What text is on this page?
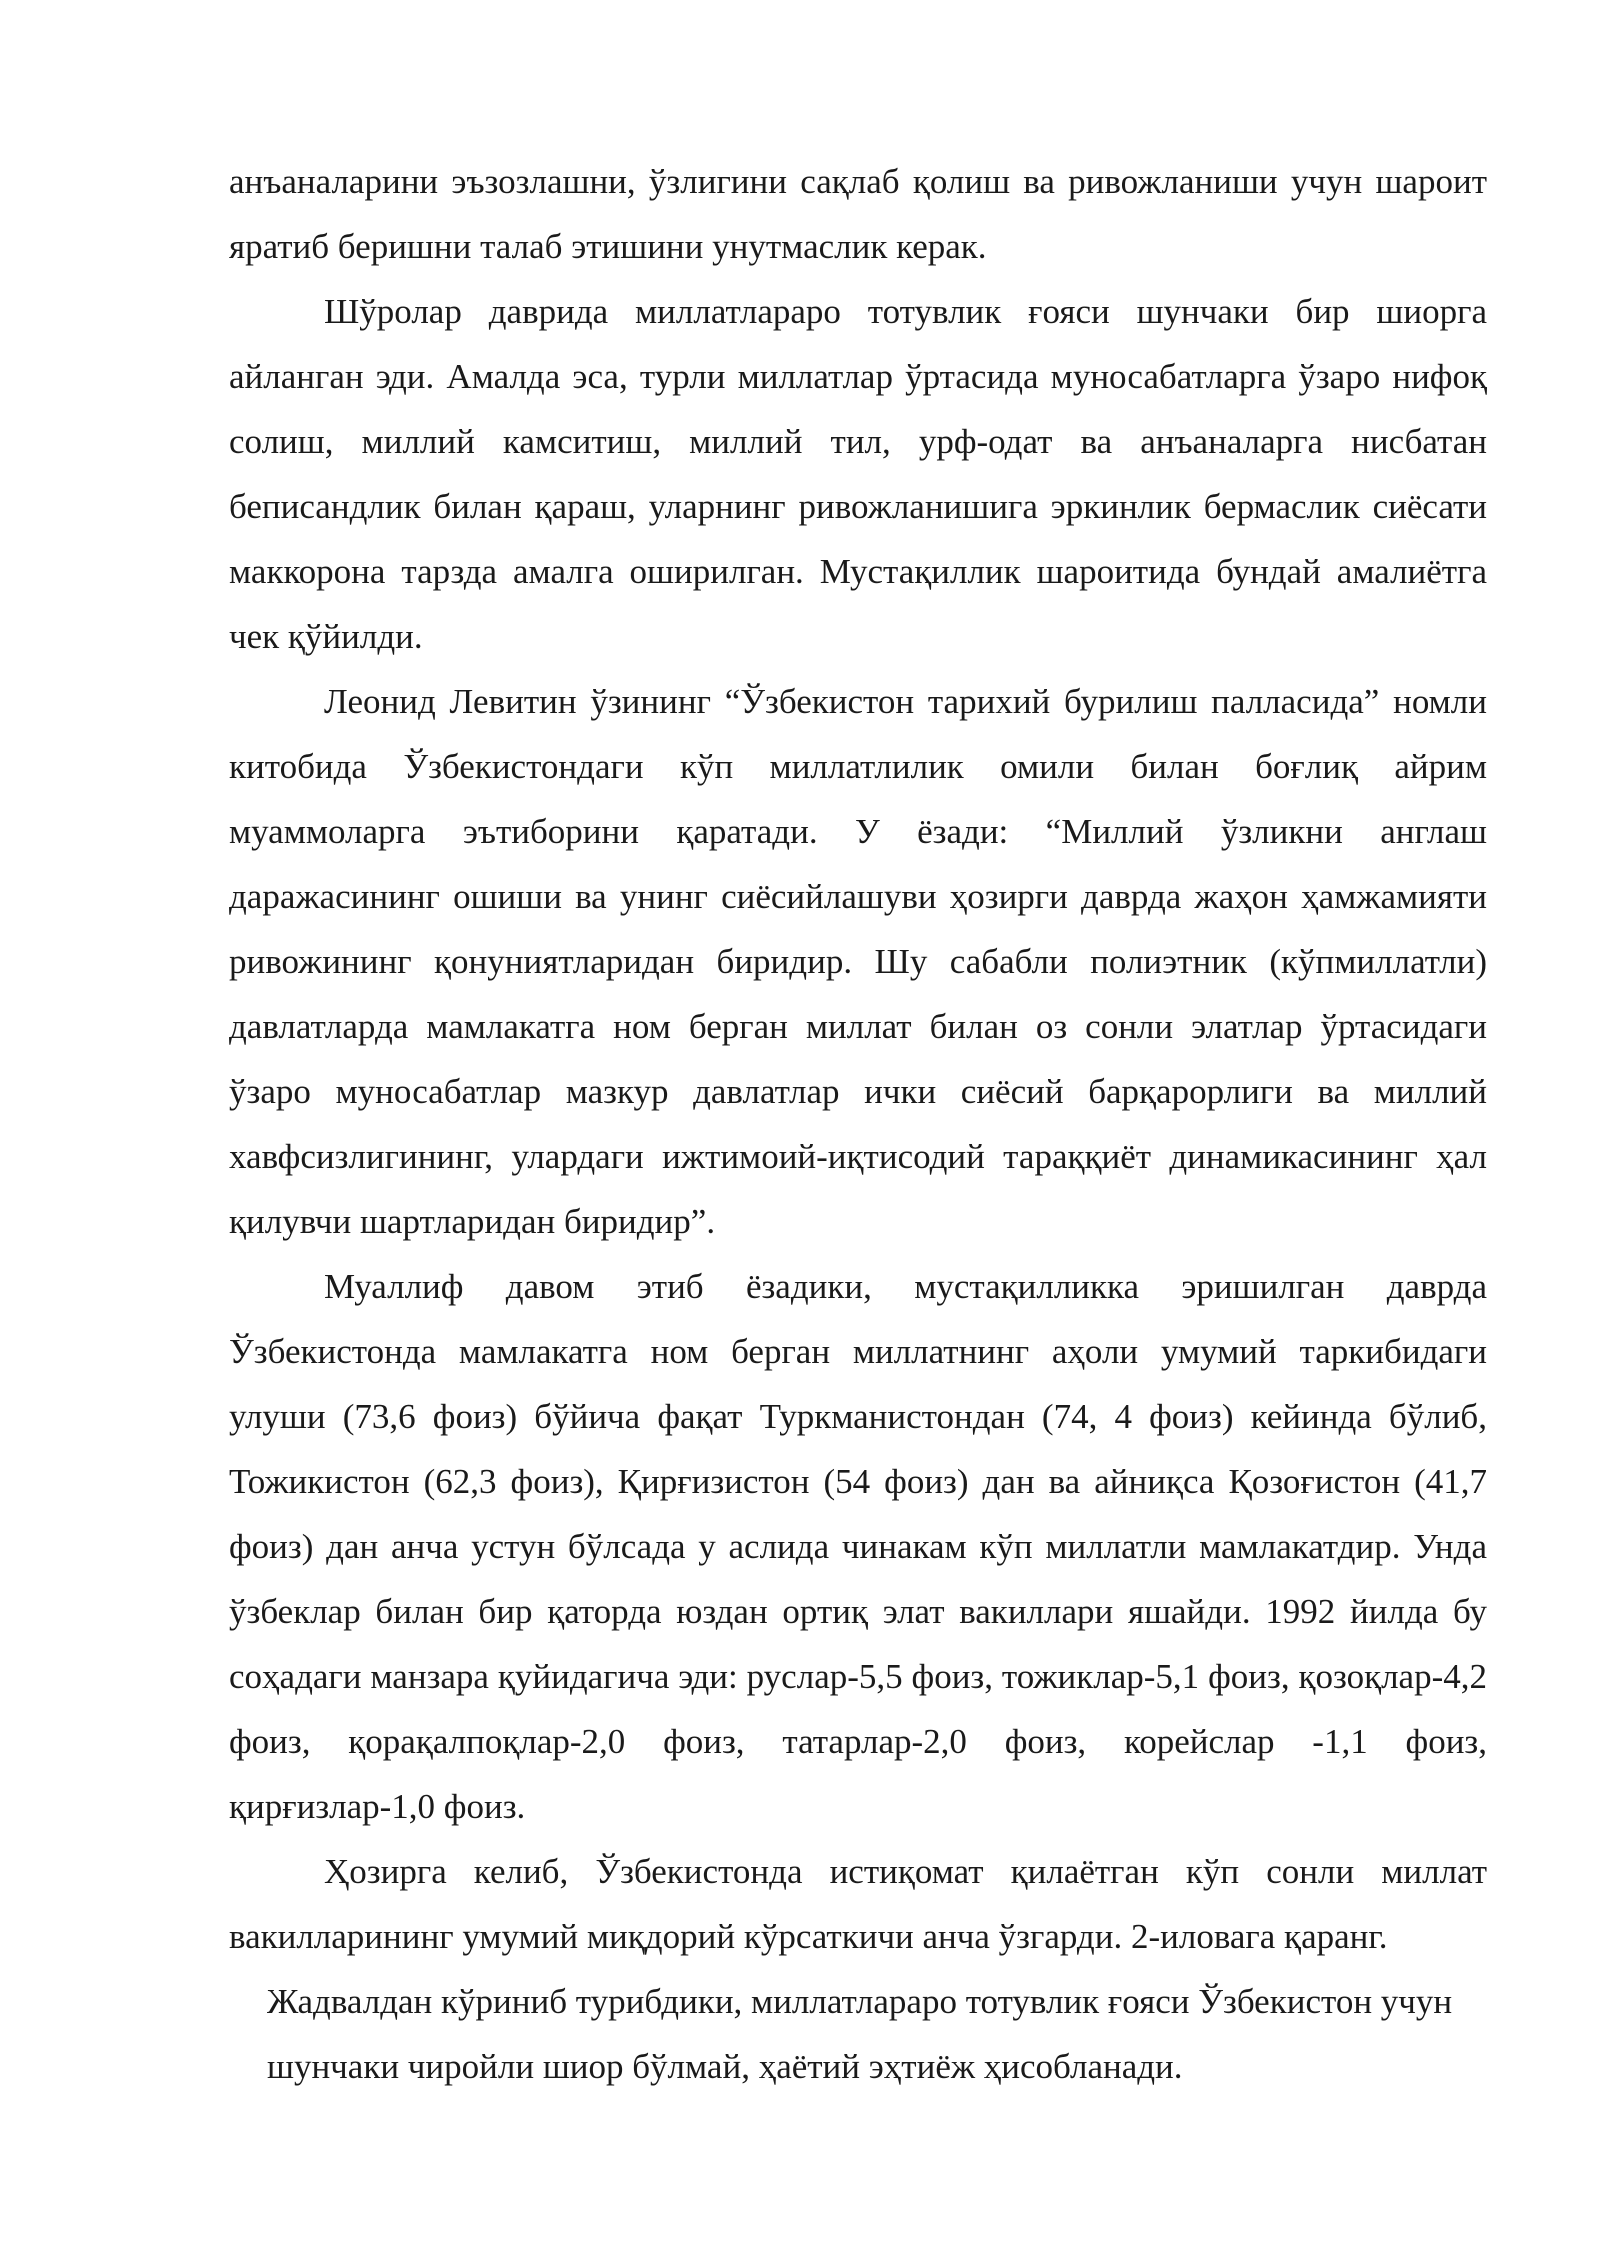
анъаналарини эъзозлашни, ўзлигини сақлаб қолиш ва ривожланиши учун шароит яратиб беришни талаб этишини унутмаслик керак.

Шўролар даврида миллатлараро тотувлик ғояси шунчаки бир шиорга айланган эди. Амалда эса, турли миллатлар ўртасида муносабатларга ўзаро нифоқ солиш, миллий камситиш, миллий тил, урф-одат ва анъаналарга нисбатан беписандлик билан қараш, уларнинг ривожланишига эркинлик бермаслик сиёсати маккорона тарзда амалга оширилган. Мустақиллик шароитида бундай амалиётга чек қўйилди.

Леонид Левитин ўзининг “Ўзбекистон тарихий бурилиш палласида” номли китобида Ўзбекистондаги кўп миллатлилик омили билан боғлиқ айрим муаммоларга эътиборини қаратади. У ёзади: “Миллий ўзликни англаш даражасининг ошиши ва унинг сиёсийлашуви ҳозирги даврда жаҳон ҳамжамияти ривожининг қонуниятларидан биридир. Шу сабабли полиэтник (кўпмиллатли) давлатларда мамлакатга ном берган миллат билан оз сонли элатлар ўртасидаги ўзаро муносабатлар мазкур давлатлар ички сиёсий барқарорлиги ва миллий хавфсизлигининг, улардаги ижтимоий-иқтисодий тараққиёт динамикасининг ҳал қилувчи шартларидан биридир”.

Муаллиф давом этиб ёзадики, мустақилликка эришилган даврда Ўзбекистонда мамлакатга ном берган миллатнинг аҳоли умумий таркибидаги улуши (73,6 фоиз) бўйича фақат Туркманистондан (74, 4 фоиз) кейинда бўлиб, Тожикистон (62,3 фоиз), Қирғизистон (54 фоиз) дан ва айниқса Қозоғистон (41,7 фоиз) дан анча устун бўлсада у аслида чинакам кўп миллатли мамлакатдир. Унда ўзбеклар билан бир қаторда юздан ортиқ элат вакиллари яшайди. 1992 йилда бу соҳадаги манзара қуйидагича эди: руслар-5,5 фоиз, тожиклар-5,1 фоиз, қозоқлар-4,2 фоиз, қорақалпоқлар-2,0 фоиз, татарлар-2,0 фоиз, корейслар -1,1 фоиз, қирғизлар-1,0 фоиз.

Ҳозирга келиб, Ўзбекистонда истиқомат қилаётган кўп сонли миллат вакилларининг умумий миқдорий кўрсаткичи анча ўзгарди. 2-иловага қаранг.

Жадвалдан кўриниб турибдики, миллатлараро тотувлик ғояси Ўзбекистон учун шунчаки чиройли шиор бўлмай, ҳаётий эҳтиёж ҳисобланади.
